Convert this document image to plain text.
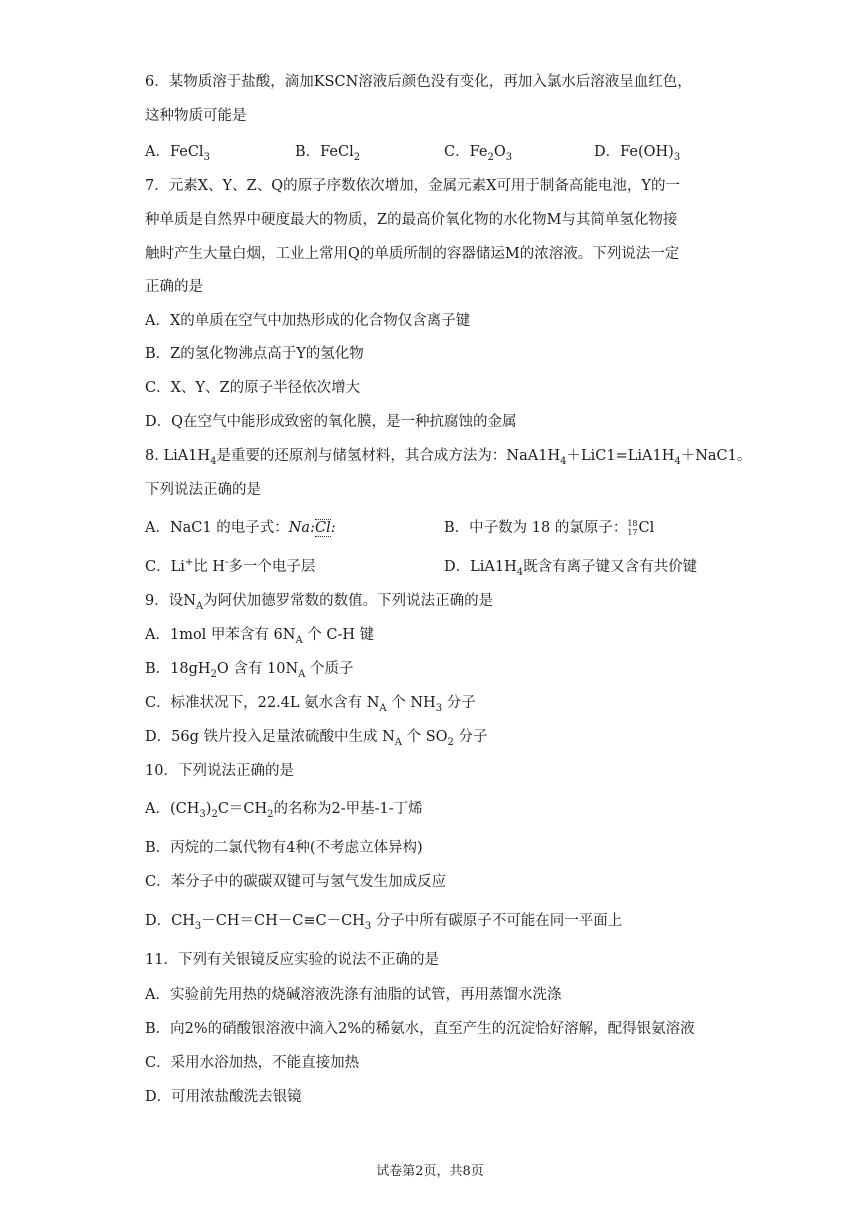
6．某物质溶于盐酸，滴加KSCN溶液后颜色没有变化，再加入氯水后溶液呈血红色，
这种物质可能是
A．FeCl$_3$	B．FeCl$_2$	C．$Fe_2O_3$	D．$Fe(OH)_3$
7．元素X、Y、Z、Q的原子序数依次增加，金属元素X可用于制备高能电池，Y的一
种单质是自然界中硬度最大的物质，Z的最高价氧化物的水化物M与其简单氢化物接
触时产生大量白烟，工业上常用Q的单质所制的容器储运M的浓溶液。下列说法一定
正确的是
A．X的单质在空气中加热形成的化合物仅含离子键
B．Z的氢化物沸点高于Y的氢化物
C．X、Y、Z的原子半径依次增大
D．Q在空气中能形成致密的氧化膜，是一种抗腐蚀的金属
8. $LiA1H_4$是重要的还原剂与储氢材料，其合成方法为：$NaA1H_4+LiC1=LiA1H_4+NaC1$。
下列说法正确的是
A．NaC1 的电子式：Na:Cl:	B．中子数为 18 的氯原子：18
17Cl
C．Li+比 H-多一个电子层	D．$LiA1H_4$既含有离子键又含有共价键
9．设$N_A$为阿伏加德罗常数的数值。下列说法正确的是
A．1mol 甲苯含有 $6N_A$ 个 C-H 键
B．$18gH_2O$ 含有 $10N_A$ 个质子
C．标准状况下，22.4L 氨水含有 $N_A$ 个 $NH_3$ 分子
D．56g 铁片投入足量浓硫酸中生成 $N_A$ 个 $SO_2$ 分子
10．下列说法正确的是
A．$(CH_3)_2C=CH_2$的名称为2-甲基-1-丁烯
B．丙烷的二氯代物有4种(不考虑立体异构)
C．苯分子中的碳碳双键可与氢气发生加成反应
D．$CH_3-CH=CH-C\equiv C-CH_3$ 分子中所有碳原子不可能在同一平面上
11．下列有关银镜反应实验的说法不正确的是
A．实验前先用热的烧碱溶液洗涤有油脂的试管，再用蒸馏水洗涤
B．向2%的硝酸银溶液中滴入2%的稀氨水，直至产生的沉淀恰好溶解，配得银氨溶液
C．采用水浴加热，不能直接加热
D．可用浓盐酸洗去银镜
试卷第2页，共8页
